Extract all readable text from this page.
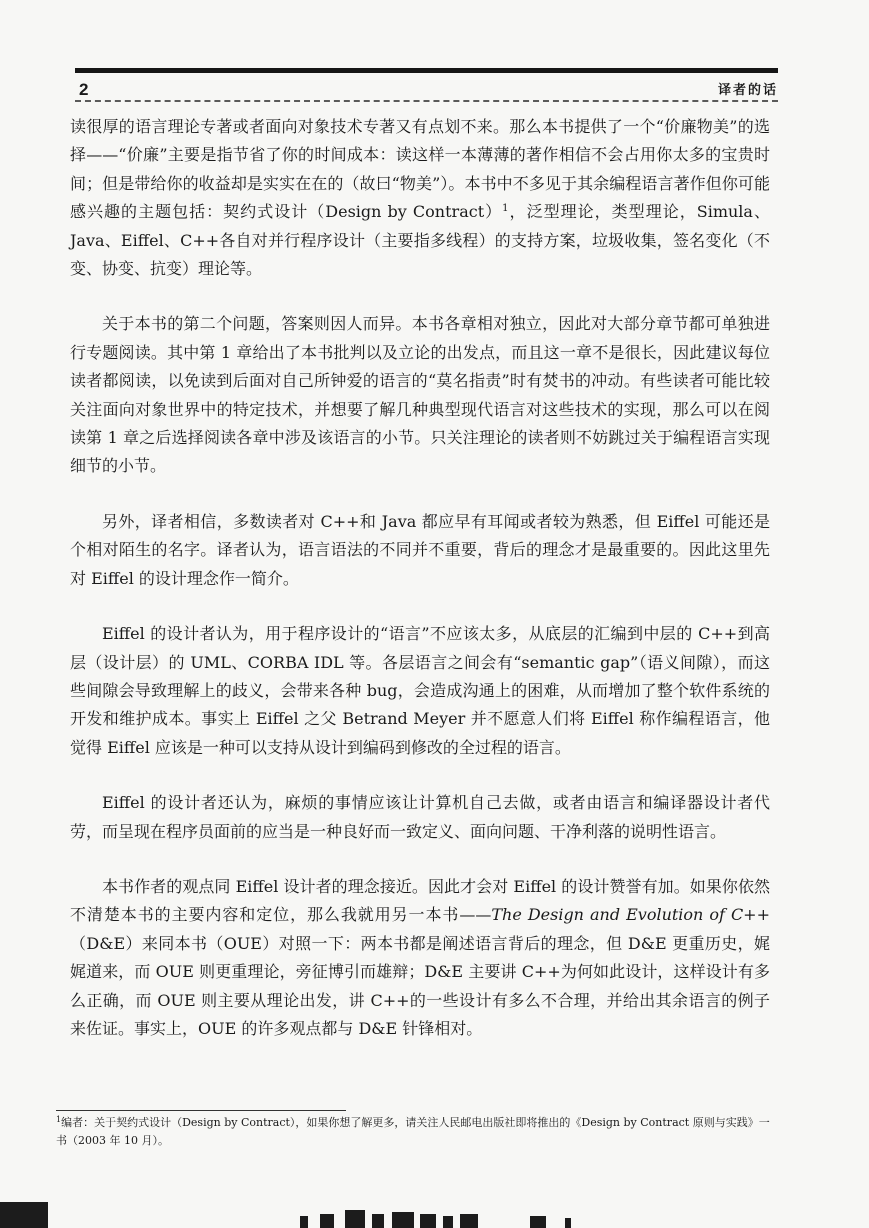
2	译者的话

读很厚的语言理论专著或者面向对象技术专著又有点划不来。那么本书提供了一个“价廉物美”的选择——“价廉”主要是指节省了你的时间成本：读这样一本薄薄的著作相信不会占用你太多的宝贵时间；但是带给你的收益却是实实在在的（故曰“物美”）。本书中不多见于其余编程语言著作但你可能感兴趣的主题包括：契约式设计（Design by Contract）$^1$，泛型理论，类型理论，Simula、Java、Eiffel、C++各自对并行程序设计（主要指多线程）的支持方案，垃圾收集，签名变化（不变、协变、抗变）理论等。

关于本书的第二个问题，答案则因人而异。本书各章相对独立，因此对大部分章节都可单独进行专题阅读。其中第 1 章给出了本书批判以及立论的出发点，而且这一章不是很长，因此建议每位读者都阅读，以免读到后面对自己所钟爱的语言的“莫名指责”时有焚书的冲动。有些读者可能比较关注面向对象世界中的特定技术，并想要了解几种典型现代语言对这些技术的实现，那么可以在阅读第 1 章之后选择阅读各章中涉及该语言的小节。只关注理论的读者则不妨跳过关于编程语言实现细节的小节。

另外，译者相信，多数读者对 C++和 Java 都应早有耳闻或者较为熟悉，但 Eiffel 可能还是个相对陌生的名字。译者认为，语言语法的不同并不重要，背后的理念才是最重要的。因此这里先对 Eiffel 的设计理念作一简介。

Eiffel 的设计者认为，用于程序设计的“语言”不应该太多，从底层的汇编到中层的 C++到高层（设计层）的 UML、CORBA IDL 等。各层语言之间会有“semantic gap”（语义间隙），而这些间隙会导致理解上的歧义，会带来各种 bug，会造成沟通上的困难，从而增加了整个软件系统的开发和维护成本。事实上 Eiffel 之父 Betrand Meyer 并不愿意人们将 Eiffel 称作编程语言，他觉得 Eiffel 应该是一种可以支持从设计到编码到修改的全过程的语言。

Eiffel 的设计者还认为，麻烦的事情应该让计算机自己去做，或者由语言和编译器设计者代劳，而呈现在程序员面前的应当是一种良好而一致定义、面向问题、干净利落的说明性语言。

本书作者的观点同 Eiffel 设计者的理念接近。因此才会对 Eiffel 的设计赞誉有加。如果你依然不清楚本书的主要内容和定位，那么我就用另一本书——The Design and Evolution of C++（D&E）来同本书（OUE）对照一下：两本书都是阐述语言背后的理念，但 D&E 更重历史，娓娓道来，而 OUE 则更重理论，旁征博引而雄辩；D&E 主要讲 C++为何如此设计，这样设计有多么正确，而 OUE 则主要从理论出发，讲 C++的一些设计有多么不合理，并给出其余语言的例子来佐证。事实上，OUE 的许多观点都与 D&E 针锋相对。

$^1$编者：关于契约式设计（Design by Contract），如果你想了解更多，请关注人民邮电出版社即将推出的《Design by Contract 原则与实践》一书（2003 年 10 月）。
